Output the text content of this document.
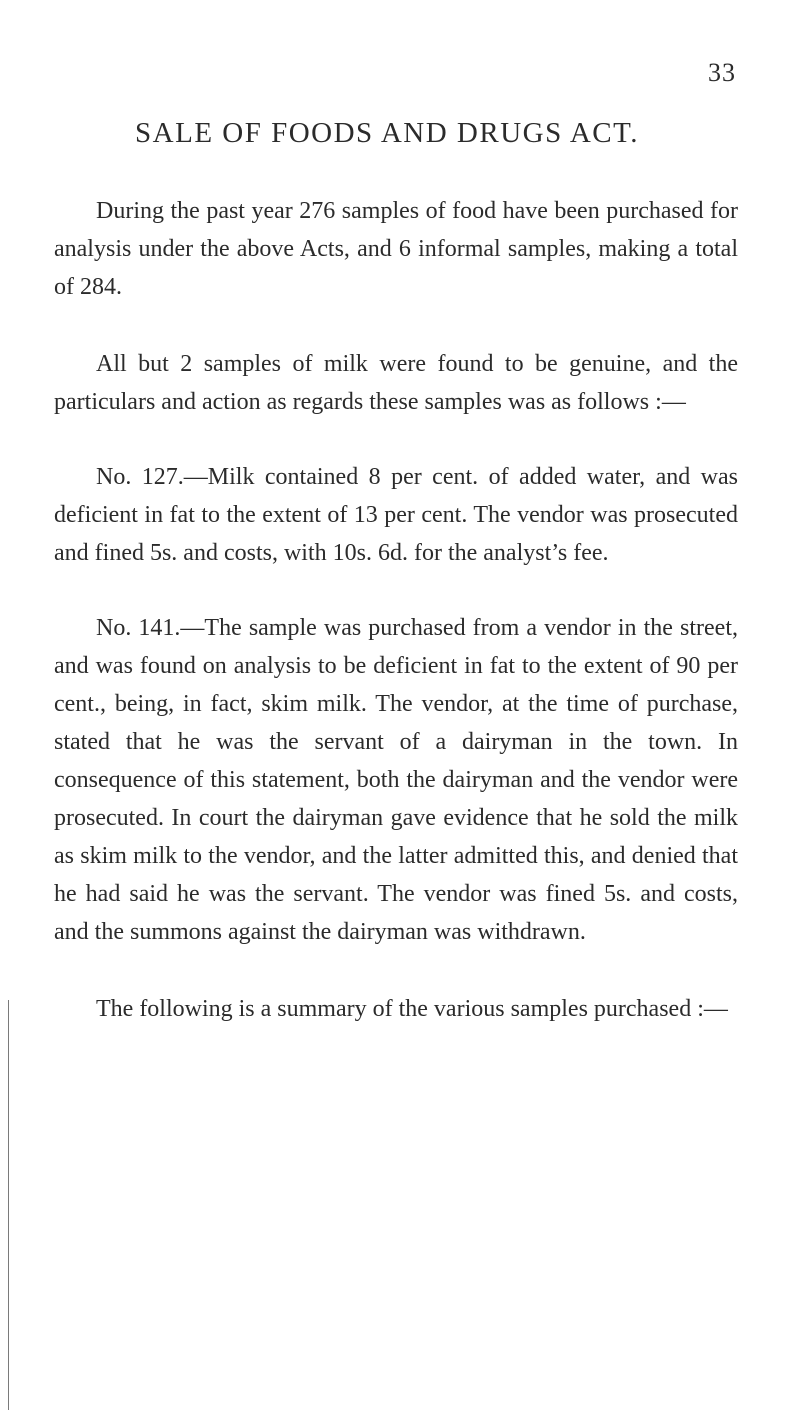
33
SALE OF FOODS AND DRUGS ACT.

During the past year 276 samples of food have been purchased for analysis under the above Acts, and 6 informal samples, making a total of 284.

All but 2 samples of milk were found to be genuine, and the particulars and action as regards these samples was as follows :—

No. 127.—Milk contained 8 per cent. of added water, and was deficient in fat to the extent of 13 per cent. The vendor was prosecuted and fined 5s. and costs, with 10s. 6d. for the analyst’s fee.

No. 141.—The sample was purchased from a vendor in the street, and was found on analysis to be deficient in fat to the extent of 90 per cent., being, in fact, skim milk. The vendor, at the time of purchase, stated that he was the servant of a dairyman in the town. In consequence of this statement, both the dairyman and the vendor were prosecuted. In court the dairyman gave evidence that he sold the milk as skim milk to the vendor, and the latter admitted this, and denied that he had said he was the servant. The vendor was fined 5s. and costs, and the summons against the dairyman was withdrawn.

The following is a summary of the various samples purchased :—
